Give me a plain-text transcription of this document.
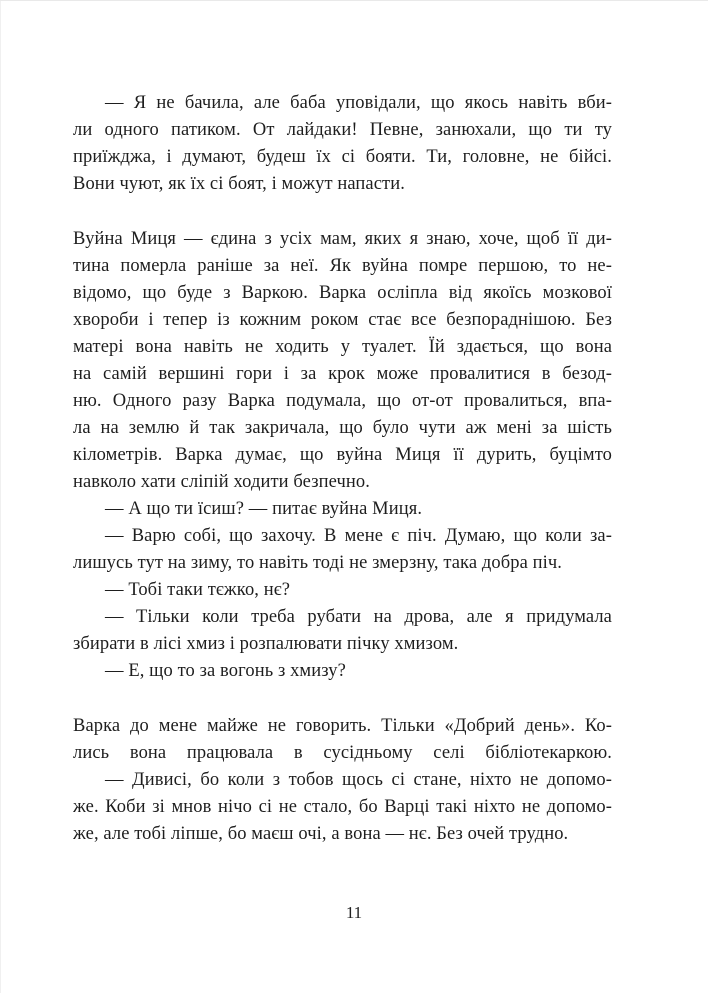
— Я не бачила, але баба уповідали, що якось навіть вби-
ли одного патиком. От лайдаки! Певне, занюхали, що ти ту
приїжджа, і думают, будеш їх сі бояти. Ти, головне, не бійсі.
Вони чуют, як їх сі боят, і можут напасти.
Вуйна Миця — єдина з усіх мам, яких я знаю, хоче, щоб її ди-
тина померла раніше за неї. Як вуйна помре першою, то не-
відомо, що буде з Варкою. Варка осліпла від якоїсь мозкової
хвороби і тепер із кожним роком стає все безпораднішою. Без
матері вона навіть не ходить у туалет. Їй здається, що вона
на самій вершині гори і за крок може провалитися в безод-
ню. Одного разу Варка подумала, що от-от провалиться, впа-
ла на землю й так закричала, що було чути аж мені за шість
кілометрів. Варка думає, що вуйна Миця її дурить, буцімто
навколо хати сліпій ходити безпечно.
— А що ти їсиш? — питає вуйна Миця.
— Варю собі, що захочу. В мене є піч. Думаю, що коли за-
лишусь тут на зиму, то навіть тоді не змерзну, така добра піч.
— Тобі таки тєжко, нє?
— Тільки коли треба рубати на дрова, але я придумала
збирати в лісі хмиз і розпалювати пічку хмизом.
— Е, що то за вогонь з хмизу?
Варка до мене майже не говорить. Тільки «Добрий день». Ко-
лись вона працювала в сусідньому селі бібліотекаркою.
— Дивисі, бо коли з тобов щось сі стане, ніхто не допомо-
же. Коби зі мнов нічо сі не стало, бо Варці такі ніхто не допомо-
же, але тобі ліпше, бо маєш очі, а вона — нє. Без очей трудно.
11
